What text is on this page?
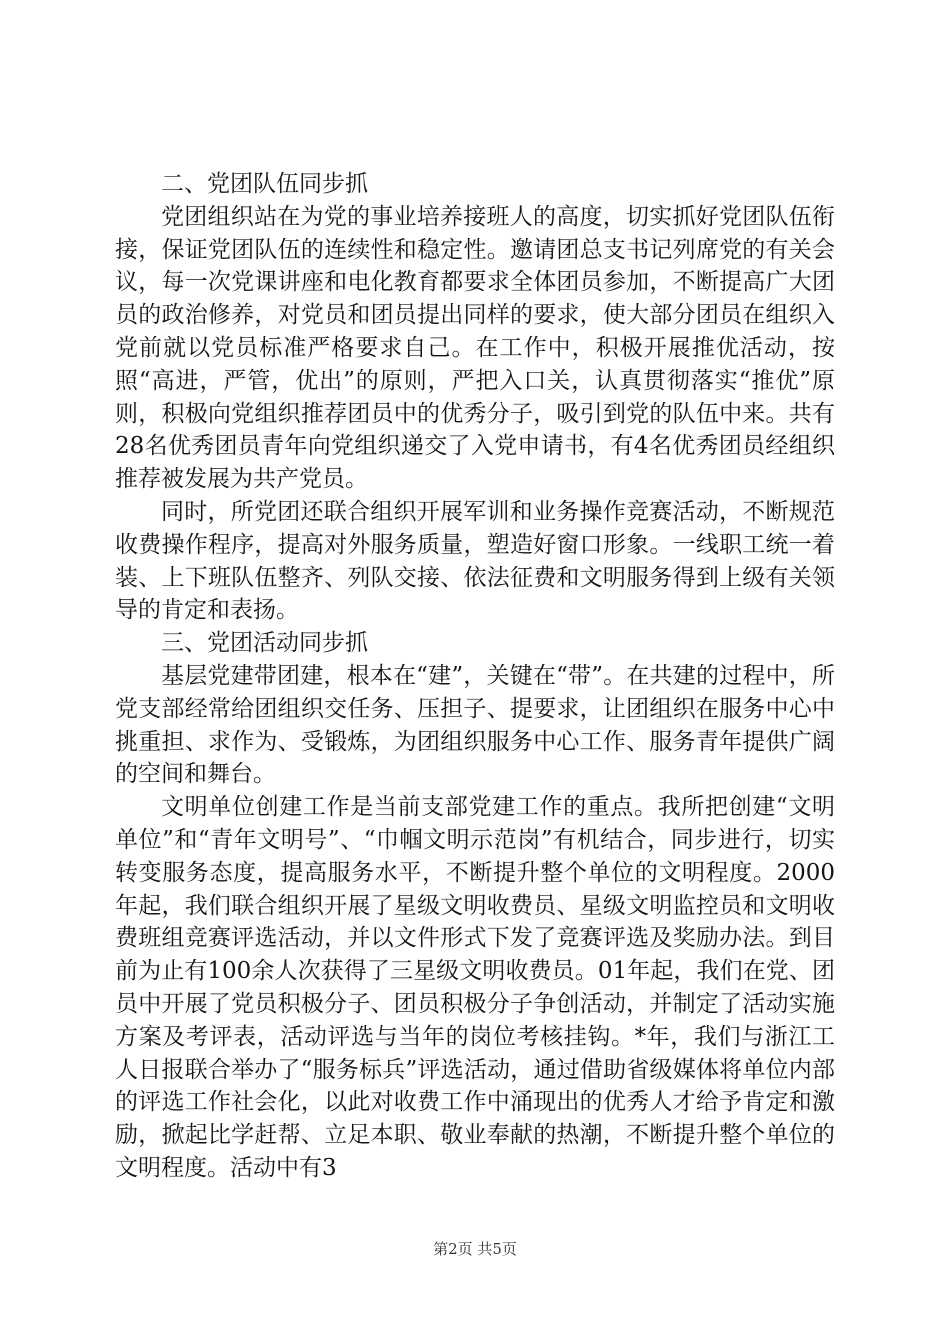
二、党团队伍同步抓

党团组织站在为党的事业培养接班人的高度，切实抓好党团队伍衔接，保证党团队伍的连续性和稳定性。邀请团总支书记列席党的有关会议，每一次党课讲座和电化教育都要求全体团员参加，不断提高广大团员的政治修养，对党员和团员提出同样的要求，使大部分团员在组织入党前就以党员标准严格要求自己。在工作中，积极开展推优活动，按照“高进，严管，优出”的原则，严把入口关，认真贯彻落实“推优”原则，积极向党组织推荐团员中的优秀分子，吸引到党的队伍中来。共有28名优秀团员青年向党组织递交了入党申请书，有4名优秀团员经组织推荐被发展为共产党员。

同时，所党团还联合组织开展军训和业务操作竞赛活动，不断规范收费操作程序，提高对外服务质量，塑造好窗口形象。一线职工统一着装、上下班队伍整齐、列队交接、依法征费和文明服务得到上级有关领导的肯定和表扬。

三、党团活动同步抓

基层党建带团建，根本在“建”，关键在“带”。在共建的过程中，所党支部经常给团组织交任务、压担子、提要求，让团组织在服务中心中挑重担、求作为、受锻炼，为团组织服务中心工作、服务青年提供广阔的空间和舞台。

文明单位创建工作是当前支部党建工作的重点。我所把创建“文明单位”和“青年文明号”、“巾帼文明示范岗”有机结合，同步进行，切实转变服务态度，提高服务水平，不断提升整个单位的文明程度。2000年起，我们联合组织开展了星级文明收费员、星级文明监控员和文明收费班组竞赛评选活动，并以文件形式下发了竞赛评选及奖励办法。到目前为止有100余人次获得了三星级文明收费员。01年起，我们在党、团员中开展了党员积极分子、团员积极分子争创活动，并制定了活动实施方案及考评表，活动评选与当年的岗位考核挂钩。*年，我们与浙江工人日报联合举办了“服务标兵”评选活动，通过借助省级媒体将单位内部的评选工作社会化，以此对收费工作中涌现出的优秀人才给予肯定和激励，掀起比学赶帮、立足本职、敬业奉献的热潮，不断提升整个单位的文明程度。活动中有3

第2页 共5页
